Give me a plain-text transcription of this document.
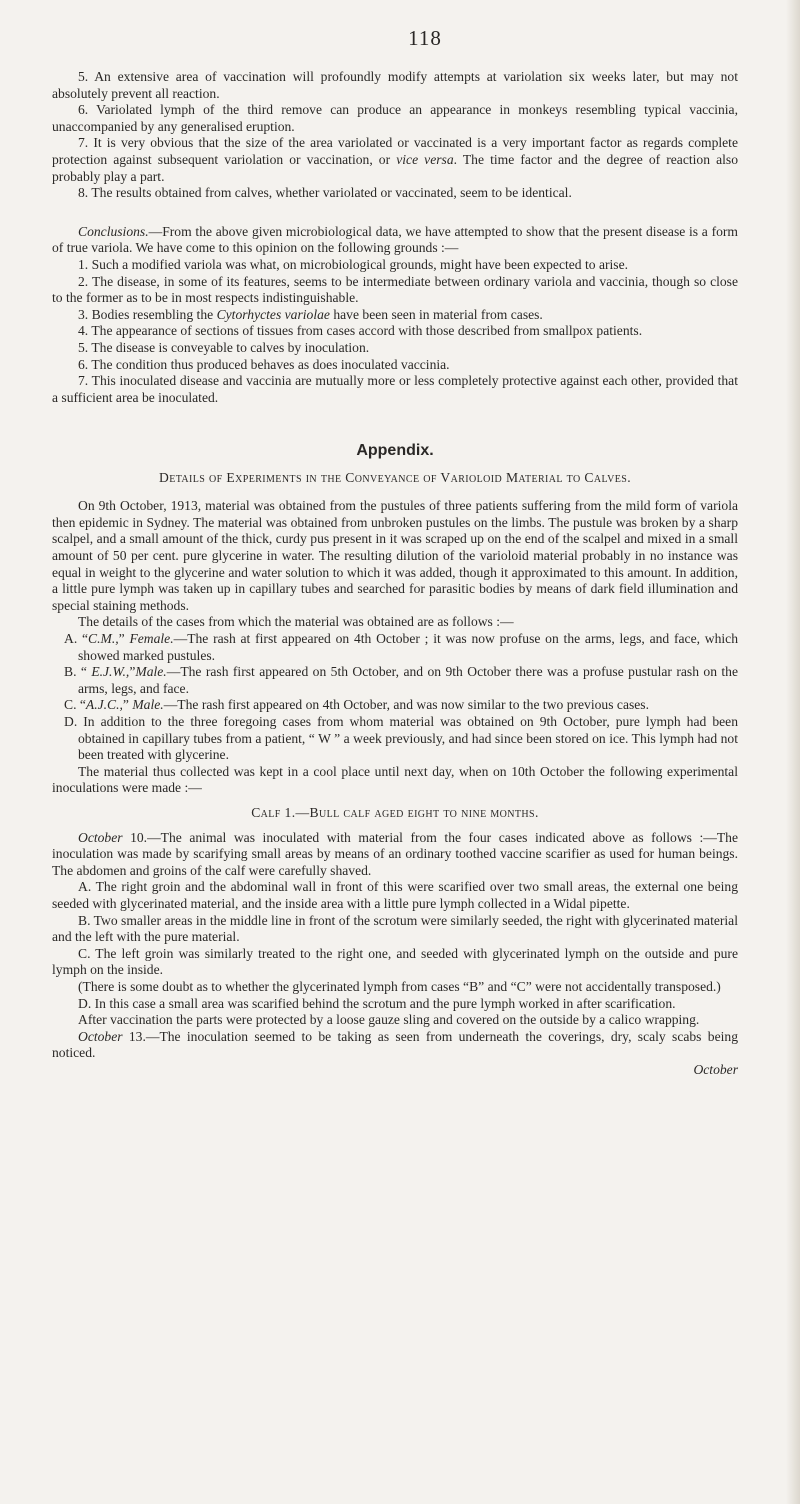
118

5. An extensive area of vaccination will profoundly modify attempts at variolation six weeks later, but may not absolutely prevent all reaction.

6. Variolated lymph of the third remove can produce an appearance in monkeys resembling typical vaccinia, unaccompanied by any generalised eruption.

7. It is very obvious that the size of the area variolated or vaccinated is a very important factor as regards complete protection against subsequent variolation or vaccination, or vice versa. The time factor and the degree of reaction also probably play a part.

8. The results obtained from calves, whether variolated or vaccinated, seem to be identical.

Conclusions.—From the above given microbiological data, we have attempted to show that the present disease is a form of true variola. We have come to this opinion on the following grounds :—

1. Such a modified variola was what, on microbiological grounds, might have been expected to arise.

2. The disease, in some of its features, seems to be intermediate between ordinary variola and vaccinia, though so close to the former as to be in most respects indistinguishable.

3. Bodies resembling the Cytorhyctes variolae have been seen in material from cases.

4. The appearance of sections of tissues from cases accord with those described from smallpox patients.

5. The disease is conveyable to calves by inoculation.

6. The condition thus produced behaves as does inoculated vaccinia.

7. This inoculated disease and vaccinia are mutually more or less completely protective against each other, provided that a sufficient area be inoculated.

Appendix.
Details of Experiments in the Conveyance of Varioloid Material to Calves.

On 9th October, 1913, material was obtained from the pustules of three patients suffering from the mild form of variola then epidemic in Sydney. The material was obtained from unbroken pustules on the limbs. The pustule was broken by a sharp scalpel, and a small amount of the thick, curdy pus present in it was scraped up on the end of the scalpel and mixed in a small amount of 50 per cent. pure glycerine in water. The resulting dilution of the varioloid material probably in no instance was equal in weight to the glycerine and water solution to which it was added, though it approximated to this amount. In addition, a little pure lymph was taken up in capillary tubes and searched for parasitic bodies by means of dark field illumination and special staining methods.

The details of the cases from which the material was obtained are as follows :—

A. “C.M.,” Female.—The rash at first appeared on 4th October ; it was now profuse on the arms, legs, and face, which showed marked pustules.

B. “ E.J.W.,”Male.—The rash first appeared on 5th October, and on 9th October there was a profuse pustular rash on the arms, legs, and face.

C. “A.J.C.,” Male.—The rash first appeared on 4th October, and was now similar to the two previous cases.

D. In addition to the three foregoing cases from whom material was obtained on 9th October, pure lymph had been obtained in capillary tubes from a patient, “ W ” a week previously, and had since been stored on ice. This lymph had not been treated with glycerine.

The material thus collected was kept in a cool place until next day, when on 10th October the following experimental inoculations were made :—

Calf 1.—Bull calf aged eight to nine months.

October 10.—The animal was inoculated with material from the four cases indicated above as follows :—The inoculation was made by scarifying small areas by means of an ordinary toothed vaccine scarifier as used for human beings. The abdomen and groins of the calf were carefully shaved.

A. The right groin and the abdominal wall in front of this were scarified over two small areas, the external one being seeded with glycerinated material, and the inside area with a little pure lymph collected in a Widal pipette.

B. Two smaller areas in the middle line in front of the scrotum were similarly seeded, the right with glycerinated material and the left with the pure material.

C. The left groin was similarly treated to the right one, and seeded with glycerinated lymph on the outside and pure lymph on the inside.

(There is some doubt as to whether the glycerinated lymph from cases “B” and “C” were not accidentally transposed.)

D. In this case a small area was scarified behind the scrotum and the pure lymph worked in after scarification.

After vaccination the parts were protected by a loose gauze sling and covered on the outside by a calico wrapping.

October 13.—The inoculation seemed to be taking as seen from underneath the coverings, dry, scaly scabs being noticed.

October
